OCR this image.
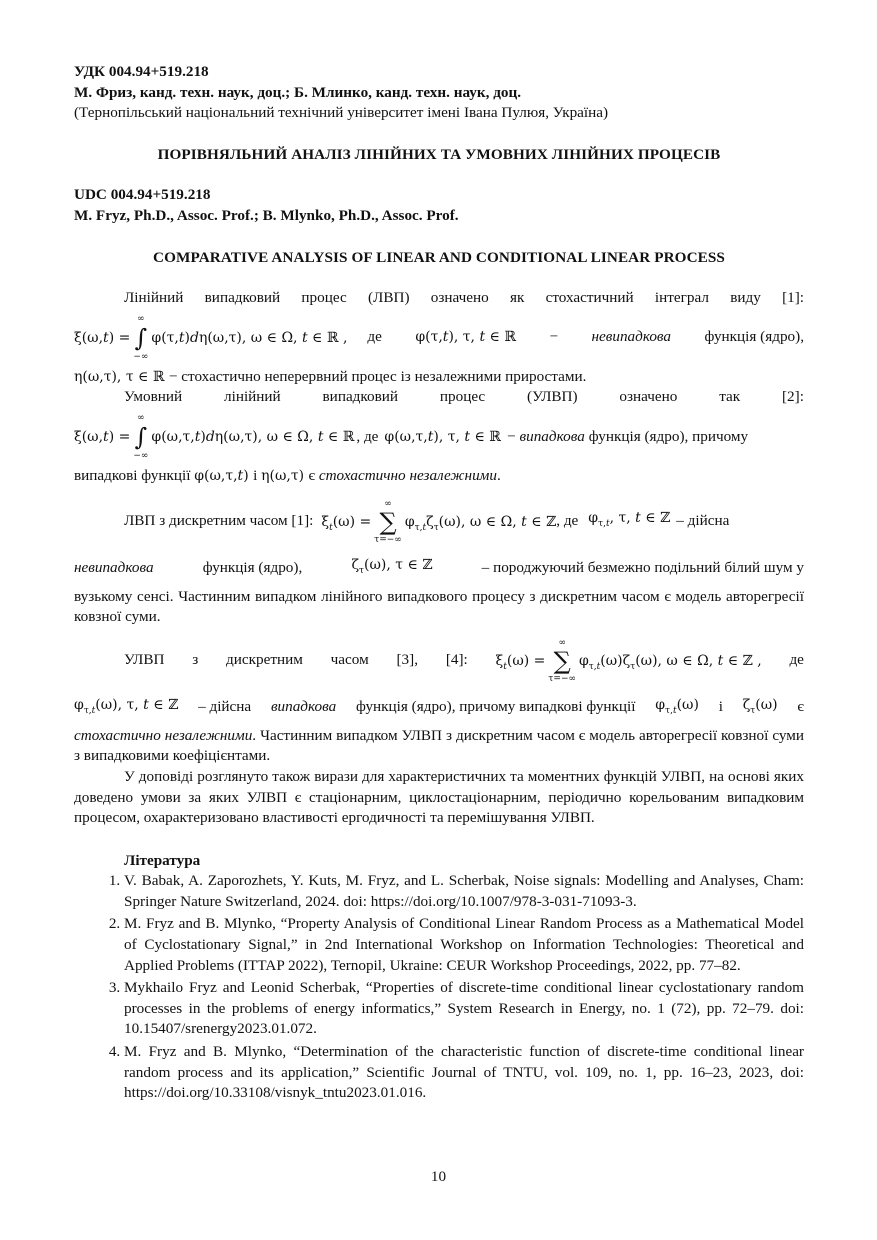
УДК 004.94+519.218
М. Фриз, канд. техн. наук, доц.; Б. Млинко, канд. техн. наук, доц.
(Тернопільський національний технічний університет імені Івана Пулюя, Україна)
ПОРІВНЯЛЬНИЙ АНАЛІЗ ЛІНІЙНИХ ТА УМОВНИХ ЛІНІЙНИХ ПРОЦЕСІВ
UDC 004.94+519.218
M. Fryz, Ph.D., Assoc. Prof.; B. Mlynko, Ph.D., Assoc. Prof.
COMPARATIVE ANALYSIS OF LINEAR AND CONDITIONAL LINEAR PROCESS
Лінійний випадковий процес (ЛВП) означено як стохастичний інтеграл виду [1]:
ξ(ω,t) =
∞
∫
−∞
φ(τ,t)dη(ω,τ), ω ∈ Ω, t ∈ ℝ , де φ(τ,t), τ, t ∈ ℝ − невипадкова функція (ядро),
η(ω,τ), τ ∈ ℝ − стохастично неперервний процес із незалежними приростами.
Умовний	лінійний	випадковий	процес	(УЛВП)	означено	так	[2]:
ξ(ω,t) =
∞
∫
−∞
φ(ω,τ,t)dη(ω,τ), ω ∈ Ω, t ∈ ℝ , де φ(ω,τ,t), τ, t ∈ ℝ − випадкова функція (ядро), причому
випадкові функції φ(ω,τ,t) і η(ω,τ) є стохастично незалежними.
ЛВП з дискретним часом [1]: $\xi_t(\omega)$ =
∞
∑
τ=−∞
$\varphi_{\tau,t}\zeta_\tau(\omega)$, ω ∈ Ω, t ∈ ℤ , де $\varphi_{\tau,t}$, τ, t ∈ ℤ – дійсна
невипадкова	функція (ядро),	$\zeta_\tau(\omega)$, τ ∈ ℤ	– породжуючий безмежно подільний білий шум у
вузькому сенсі. Частинним випадком лінійного випадкового процесу з дискретним часом є модель авторегресії ковзної суми.
УЛВП з дискретним часом [3], [4]: $\xi_t(\omega)$ =
∞
∑
τ=−∞
$\varphi_{\tau,t}(\omega)\zeta_\tau(\omega)$, ω ∈ Ω, t ∈ ℤ , де
$\varphi_{\tau,t}(\omega)$, τ, t ∈ ℤ – дійсна випадкова функція (ядро), причому випадкові функції $\varphi_{\tau,t}(\omega)$ і $\zeta_\tau(\omega)$ є
стохастично незалежними. Частинним випадком УЛВП з дискретним часом є модель авторегресії ковзної суми з випадковими коефіцієнтами.
У доповіді розглянуто також вирази для характеристичних та моментних функцій УЛВП, на основі яких доведено умови за яких УЛВП є стаціонарним, циклостаціонарним, періодично корельованим випадковим процесом, охарактеризовано властивості ергодичності та перемішування УЛВП.
Література
1. V. Babak, A. Zaporozhets, Y. Kuts, M. Fryz, and L. Scherbak, Noise signals: Modelling and Analyses, Cham: Springer Nature Switzerland, 2024. doi: https://doi.org/10.1007/978-3-031-71093-3.
2. M. Fryz and B. Mlynko, “Property Analysis of Conditional Linear Random Process as a Mathematical Model of Cyclostationary Signal,” in 2nd International Workshop on Information Technologies: Theoretical and Applied Problems (ITTAP 2022), Ternopil, Ukraine: CEUR Workshop Proceedings, 2022, pp. 77–82.
3. Mykhailo Fryz and Leonid Scherbak, “Properties of discrete-time conditional linear cyclostationary random processes in the problems of energy informatics,” System Research in Energy, no. 1 (72), pp. 72–79. doi: 10.15407/srenergy2023.01.072.
4. M. Fryz and B. Mlynko, “Determination of the characteristic function of discrete-time conditional linear random process and its application,” Scientific Journal of TNTU, vol. 109, no. 1, pp. 16–23, 2023, doi: https://doi.org/10.33108/visnyk_tntu2023.01.016.
10
